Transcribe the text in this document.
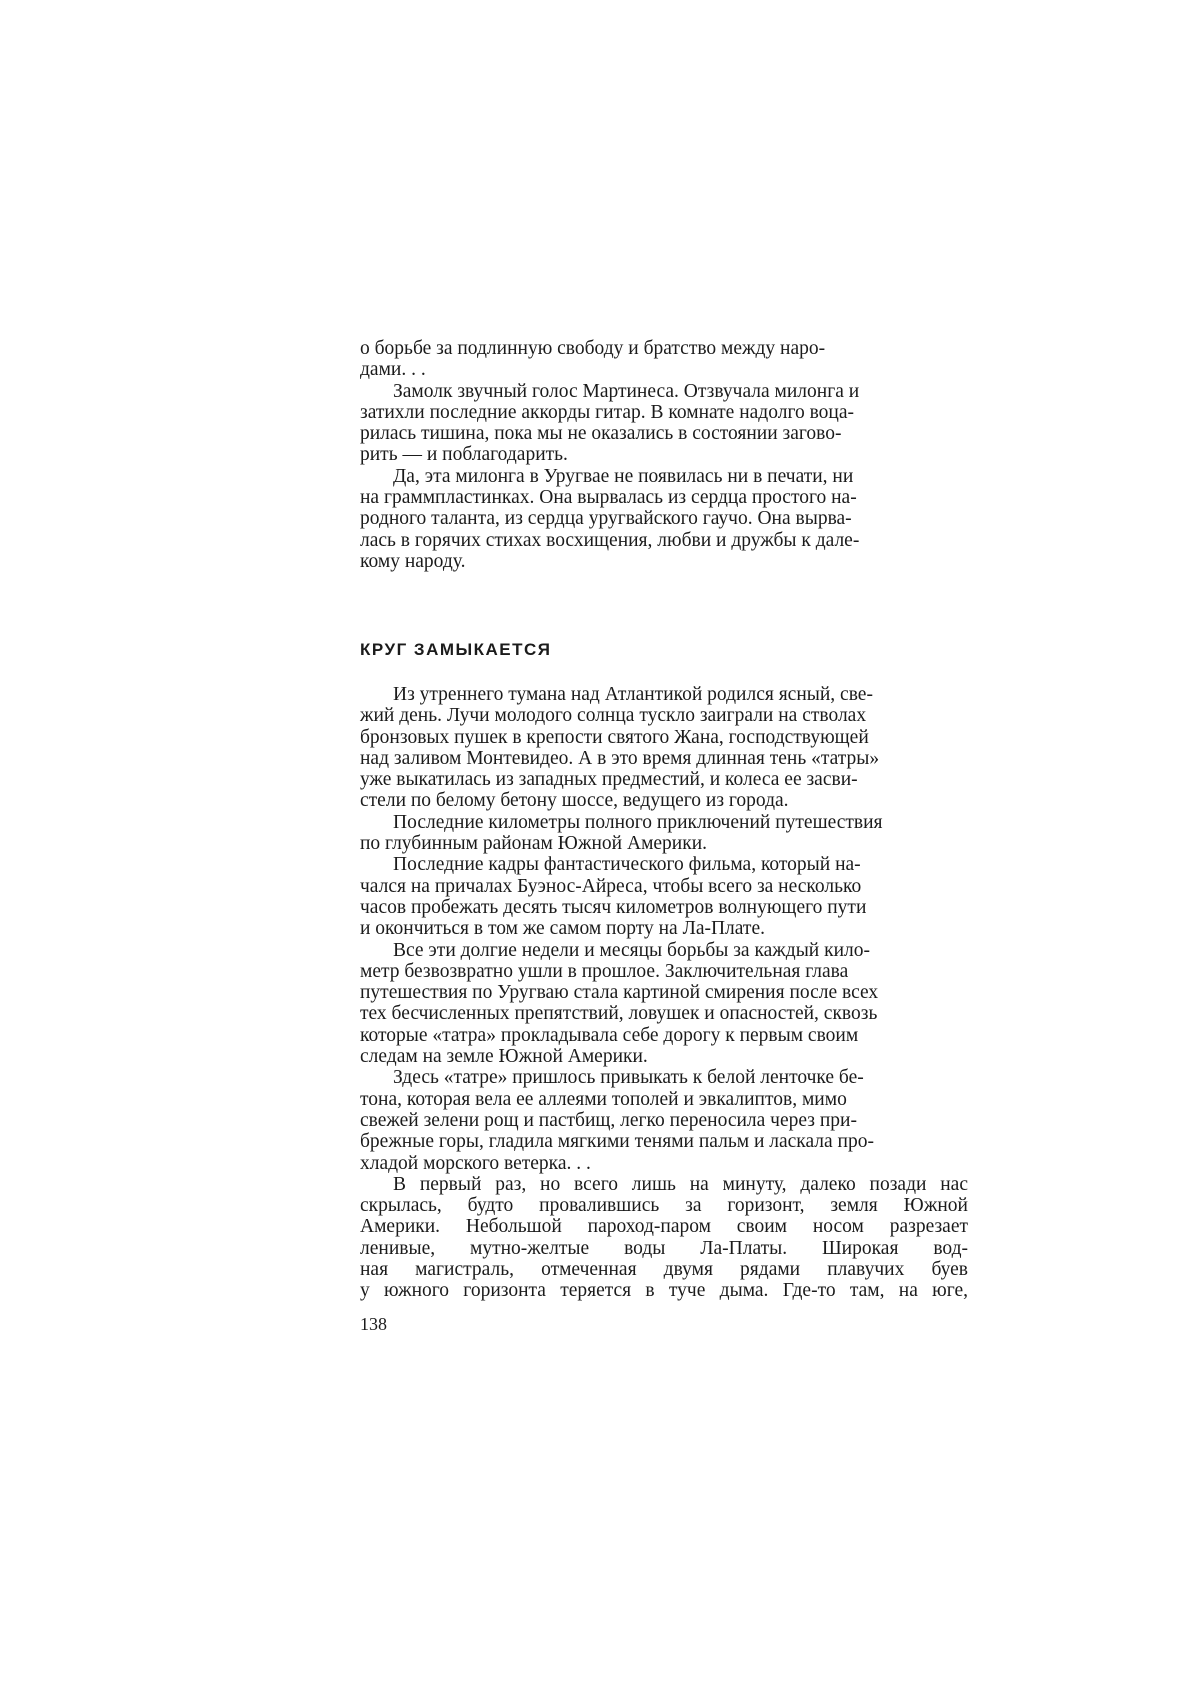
о борьбе за подлинную свободу и братство между наро-
дами. . .

Замолк звучный голос Мартинеса. Отзвучала милонга и
затихли последние аккорды гитар. В комнате надолго воца-
рилась тишина, пока мы не оказались в состоянии загово-
рить — и поблагодарить.

Да, эта милонга в Уругвае не появилась ни в печати, ни
на граммпластинках. Она вырвалась из сердца простого на-
родного таланта, из сердца уругвайского гаучо. Она вырва-
лась в горячих стихах восхищения, любви и дружбы к дале-
кому народу.

КРУГ ЗАМЫКАЕТСЯ

Из утреннего тумана над Атлантикой родился ясный, све-
жий день. Лучи молодого солнца тускло заиграли на стволах
бронзовых пушек в крепости святого Жана, господствующей
над заливом Монтевидео. А в это время длинная тень «татры»
уже выкатилась из западных предместий, и колеса ее засви-
стели по белому бетону шоссе, ведущего из города.

Последние километры полного приключений путешествия
по глубинным районам Южной Америки.

Последние кадры фантастического фильма, который на-
чался на причалах Буэнос-Айреса, чтобы всего за несколько
часов пробежать десять тысяч километров волнующего пути
и окончиться в том же самом порту на Ла-Плате.

Все эти долгие недели и месяцы борьбы за каждый кило-
метр безвозвратно ушли в прошлое. Заключительная глава
путешествия по Уругваю стала картиной смирения после всех
тех бесчисленных препятствий, ловушек и опасностей, сквозь
которые «татра» прокладывала себе дорогу к первым своим
следам на земле Южной Америки.

Здесь «татре» пришлось привыкать к белой ленточке бе-
тона, которая вела ее аллеями тополей и эвкалиптов, мимо
свежей зелени рощ и пастбищ, легко переносила через при-
брежные горы, гладила мягкими тенями пальм и ласкала про-
хладой морского ветерка. . .

В первый раз, но всего лишь на минуту, далеко позади нас
скрылась, будто провалившись за горизонт, земля Южной
Америки. Небольшой пароход-паром своим носом разрезает
ленивые, мутно-желтые воды Ла-Платы. Широкая вод-
ная магистраль, отмеченная двумя рядами плавучих буев
у южного горизонта теряется в туче дыма. Где-то там, на юге,

138
